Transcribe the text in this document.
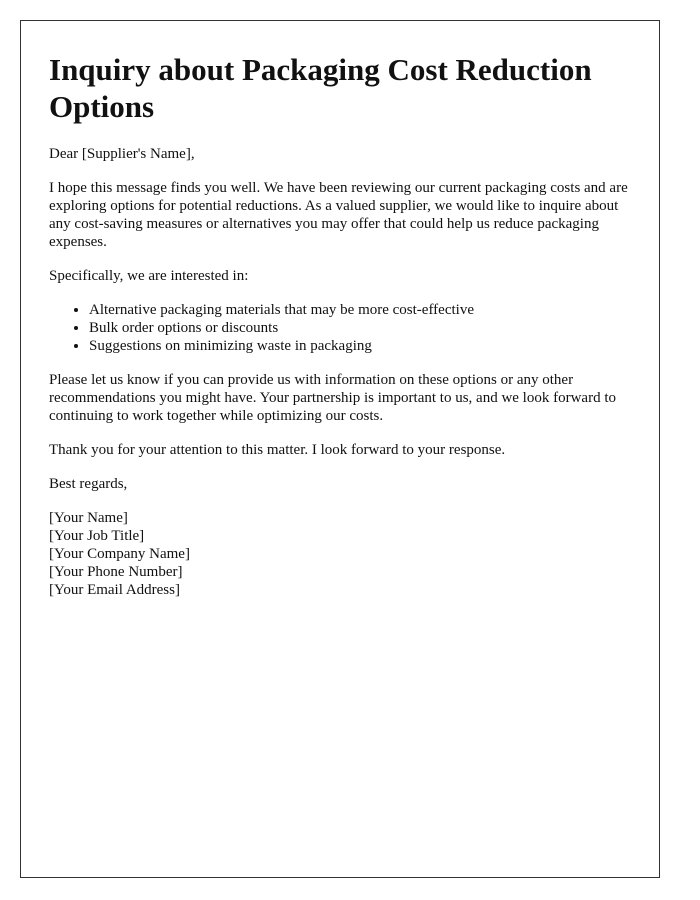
Inquiry about Packaging Cost Reduction Options

Dear [Supplier's Name],

I hope this message finds you well. We have been reviewing our current packaging costs and are exploring options for potential reductions. As a valued supplier, we would like to inquire about any cost-saving measures or alternatives you may offer that could help us reduce packaging expenses.

Specifically, we are interested in:

• Alternative packaging materials that may be more cost-effective
• Bulk order options or discounts
• Suggestions on minimizing waste in packaging

Please let us know if you can provide us with information on these options or any other recommendations you might have. Your partnership is important to us, and we look forward to continuing to work together while optimizing our costs.

Thank you for your attention to this matter. I look forward to your response.

Best regards,

[Your Name]
[Your Job Title]
[Your Company Name]
[Your Phone Number]
[Your Email Address]
